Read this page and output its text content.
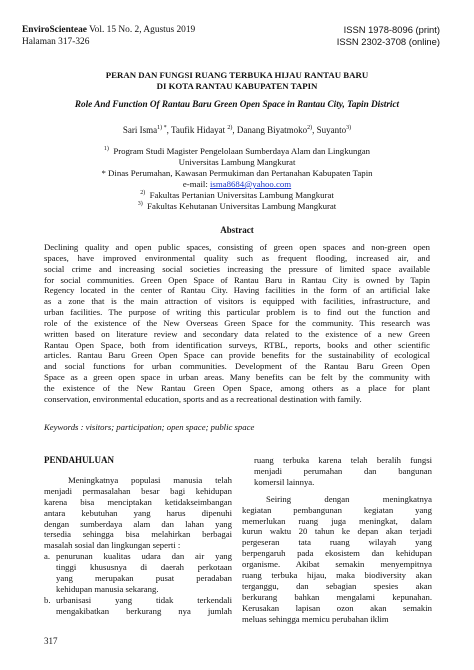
EnviroScienteae Vol. 15 No. 2, Agustus 2019
Halaman 317-326
ISSN 1978-8096 (print)
ISSN 2302-3708 (online)
PERAN DAN FUNGSI RUANG TERBUKA HIJAU RANTAU BARU
DI KOTA RANTAU KABUPATEN TAPIN
Role And Function Of Rantau Baru Green Open Space in Rantau City, Tapin District
Sari Isma$^{1) *}$, Taufik Hidayat $^{2)}$, Danang Biyatmoko$^{2)}$, Suyanto$^{3)}$
$^{1)}$ Program Studi Magister Pengelolaan Sumberdaya Alam dan Lingkungan
Universitas Lambung Mangkurat
* Dinas Perumahan, Kawasan Permukiman dan Pertanahan Kabupaten Tapin
e-mail: isma8684@yahoo.com
$^{2)}$ Fakultas Pertanian Universitas Lambung Mangkurat
$^{3)}$ Fakultas Kehutanan Universitas Lambung Mangkurat
Abstract
Declining quality and open public spaces, consisting of green open spaces and non-green open
spaces, have improved environmental quality such as frequent flooding, increased air, and
social crime and increasing social societies increasing the pressure of limited space available
for social communities. Green Open Space of Rantau Baru in Rantau City is owned by Tapin
Regency located in the center of Rantau City. Having facilities in the form of an artificial lake
as a zone that is the main attraction of visitors is equipped with facilities, infrastructure, and
urban facilities. The purpose of writing this particular problem is to find out the function and
role of the existence of the New Overseas Green Space for the community. This research was
written based on literature review and secondary data related to the existence of a new Green
Rantau Open Space, both from identification surveys, RTBL, reports, books and other scientific
articles. Rantau Baru Green Open Space can provide benefits for the sustainability of ecological
and social functions for urban communities. Development of the Rantau Baru Green Open
Space as a green open space in urban areas. Many benefits can be felt by the community with
the existence of the New Rantau Green Open Space, among others as a place for plant
conservation, environmental education, sports and as a recreational destination with family.
Keywords : visitors; participation; open space; public space
PENDAHULUAN
Meningkatnya populasi manusia telah
menjadi permasalahan besar bagi kehidupan
karena bisa menciptakan ketidakseimbangan
antara kebutuhan yang harus dipenuhi
dengan sumberdaya alam dan lahan yang
tersedia sehingga bisa melahirkan berbagai
masalah sosial dan lingkungan seperti :
a. penurunan kualitas udara dan air yang
tinggi khususnya di daerah perkotaan
yang merupakan pusat peradaban
kehidupan manusia sekarang.
b. urbanisasi yang tidak terkendali
mengakibatkan berkurang nya jumlah
ruang terbuka karena telah beralih fungsi
menjadi perumahan dan bangunan
komersil lainnya.
Seiring dengan meningkatnya
kegiatan pembangunan kegiatan yang
memerlukan ruang juga meningkat, dalam
kurun waktu 20 tahun ke depan akan terjadi
pergeseran tata ruang wilayah yang
berpengaruh pada ekosistem dan kehidupan
organisme. Akibat semakin menyempitnya
ruang terbuka hijau, maka biodiversity akan
terganggu, dan sebagian spesies akan
berkurang bahkan mengalami kepunahan.
Kerusakan lapisan ozon akan semakin
meluas sehingga memicu perubahan iklim
317
